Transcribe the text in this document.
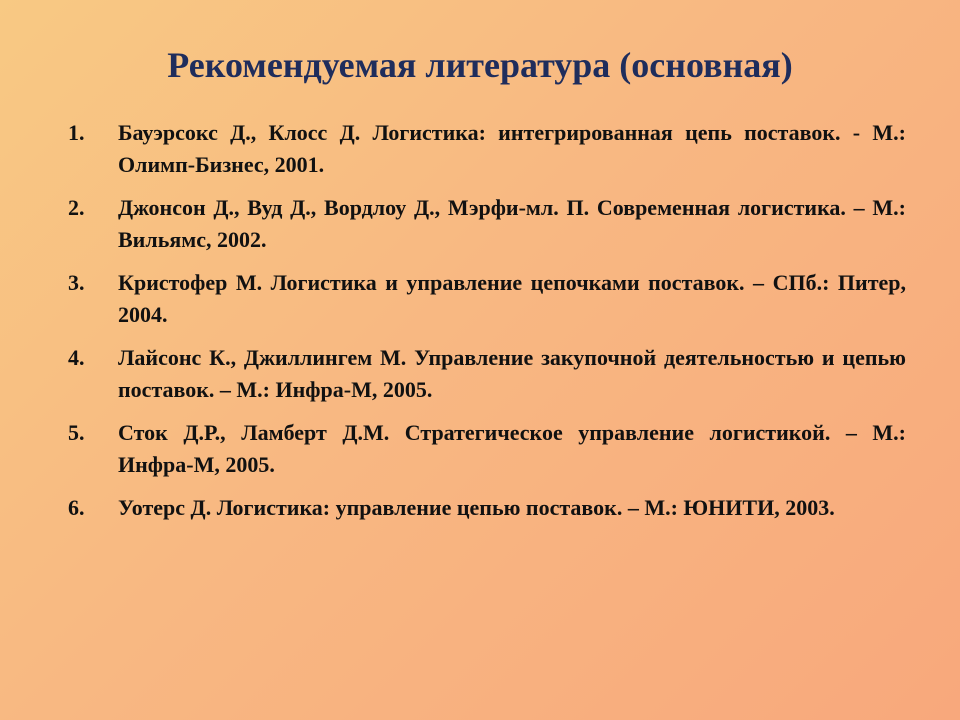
Рекомендуемая литература (основная)
1.	Бауэрсокс Д., Клосс Д. Логистика: интегрированная цепь поставок. - М.: Олимп-Бизнес, 2001.
2.	Джонсон Д., Вуд Д., Вордлоу Д., Мэрфи-мл. П. Современная логистика. – М.: Вильямс, 2002.
3.	Кристофер М. Логистика и управление цепочками поставок. – СПб.: Питер, 2004.
4.	Лайсонс К., Джиллингем М. Управление закупочной деятельностью и цепью поставок. – М.: Инфра-М, 2005.
5.	Сток Д.Р., Ламберт Д.М. Стратегическое управление логистикой. – М.: Инфра-М, 2005.
6.	Уотерс Д. Логистика: управление цепью поставок. – М.: ЮНИТИ, 2003.
